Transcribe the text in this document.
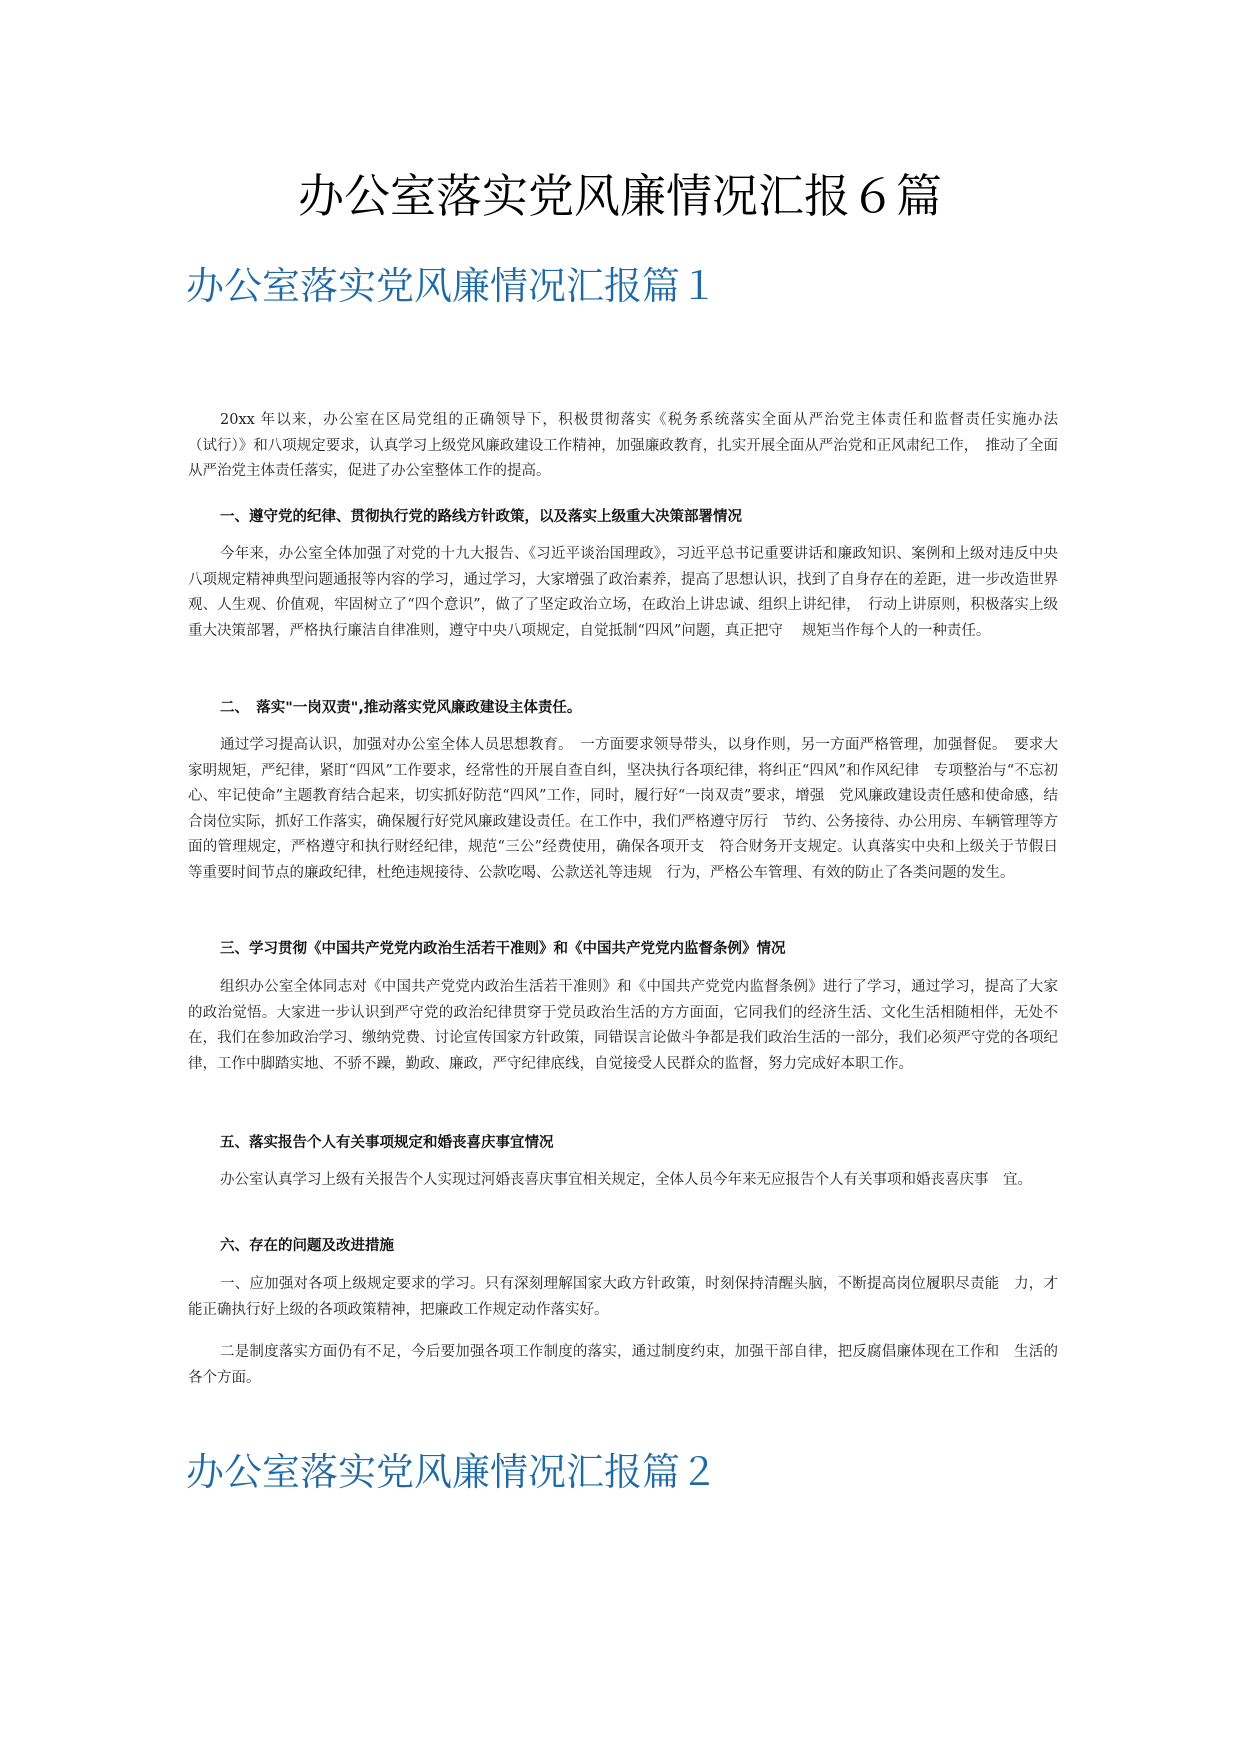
办公室落实党风廉情况汇报６篇
办公室落实党风廉情况汇报篇１

20xx 年以来，办公室在区局党组的正确领导下，积极贯彻落实《税务系统落实全面从严治党主体责任和监督责任实施办法　　 （试行）》和八项规定要求，认真学习上级党风廉政建设工作精神，加强廉政教育，扎实开展全面从严治党和正风肃纪工作，　推动了全面从严治党主体责任落实，促进了办公室整体工作的提高。

一、遵守党的纪律、贯彻执行党的路线方针政策，以及落实上级重大决策部署情况

今年来，办公室全体加强了对党的十九大报告、《习近平谈治国理政》，习近平总书记重要讲话和廉政知识、案例和上级对违反中央八项规定精神典型问题通报等内容的学习，通过学习，大家增强了政治素养，提高了思想认识，找到了自身存在的差距，进一步改造世界观、人生观、价值观，牢固树立了“四个意识”，做了了坚定政治立场，在政治上讲忠诚、组织上讲纪律，　行动上讲原则，积极落实上级重大决策部署，严格执行廉洁自律准则，遵守中央八项规定，自觉抵制“四风”问题，真正把守　 规矩当作每个人的一种责任。

二、　落实"一岗双责",推动落实党风廉政建设主体责任。

通过学习提高认识，加强对办公室全体人员思想教育。　一方面要求领导带头，以身作则，另一方面严格管理，加强督促。　要求大家明规矩，严纪律，紧盯“四风”工作要求，经常性的开展自查自纠，坚决执行各项纪律，将纠正“四风”和作风纪律　专项整治与“不忘初心、牢记使命”主题教育结合起来，切实抓好防范“四风”工作，同时，履行好“一岗双责”要求，增强　党风廉政建设责任感和使命感，结合岗位实际，抓好工作落实，确保履行好党风廉政建设责任。在工作中，我们严格遵守厉行　节约、公务接待、办公用房、车辆管理等方面的管理规定，严格遵守和执行财经纪律，规范“三公”经费使用，确保各项开支　符合财务开支规定。认真落实中央和上级关于节假日等重要时间节点的廉政纪律，杜绝违规接待、公款吃喝、公款送礼等违规　行为，严格公车管理、有效的防止了各类问题的发生。

三、学习贯彻《中国共产党党内政治生活若干准则》和《中国共产党党内监督条例》情况

组织办公室全体同志对《中国共产党党内政治生活若干准则》和《中国共产党党内监督条例》进行了学习，通过学习，提高了大家的政治觉悟。大家进一步认识到严守党的政治纪律贯穿于党员政治生活的方方面面，它同我们的经济生活、文化生活相随相伴，无处不在，我们在参加政治学习、缴纳党费、讨论宣传国家方针政策，同错误言论做斗争都是我们政治生活的一部分，我们必须严守党的各项纪律，工作中脚踏实地、不骄不躁，勤政、廉政，严守纪律底线，自觉接受人民群众的监督，努力完成好本职工作。

五、落实报告个人有关事项规定和婚丧喜庆事宜情况

办公室认真学习上级有关报告个人实现过河婚丧喜庆事宜相关规定，全体人员今年来无应报告个人有关事项和婚丧喜庆事　宜。

六、存在的问题及改进措施

一、应加强对各项上级规定要求的学习。只有深刻理解国家大政方针政策，时刻保持清醒头脑，不断提高岗位履职尽责能　力，才能正确执行好上级的各项政策精神，把廉政工作规定动作落实好。

二是制度落实方面仍有不足，今后要加强各项工作制度的落实，通过制度约束，加强干部自律，把反腐倡廉体现在工作和　生活的各个方面。

办公室落实党风廉情况汇报篇２
